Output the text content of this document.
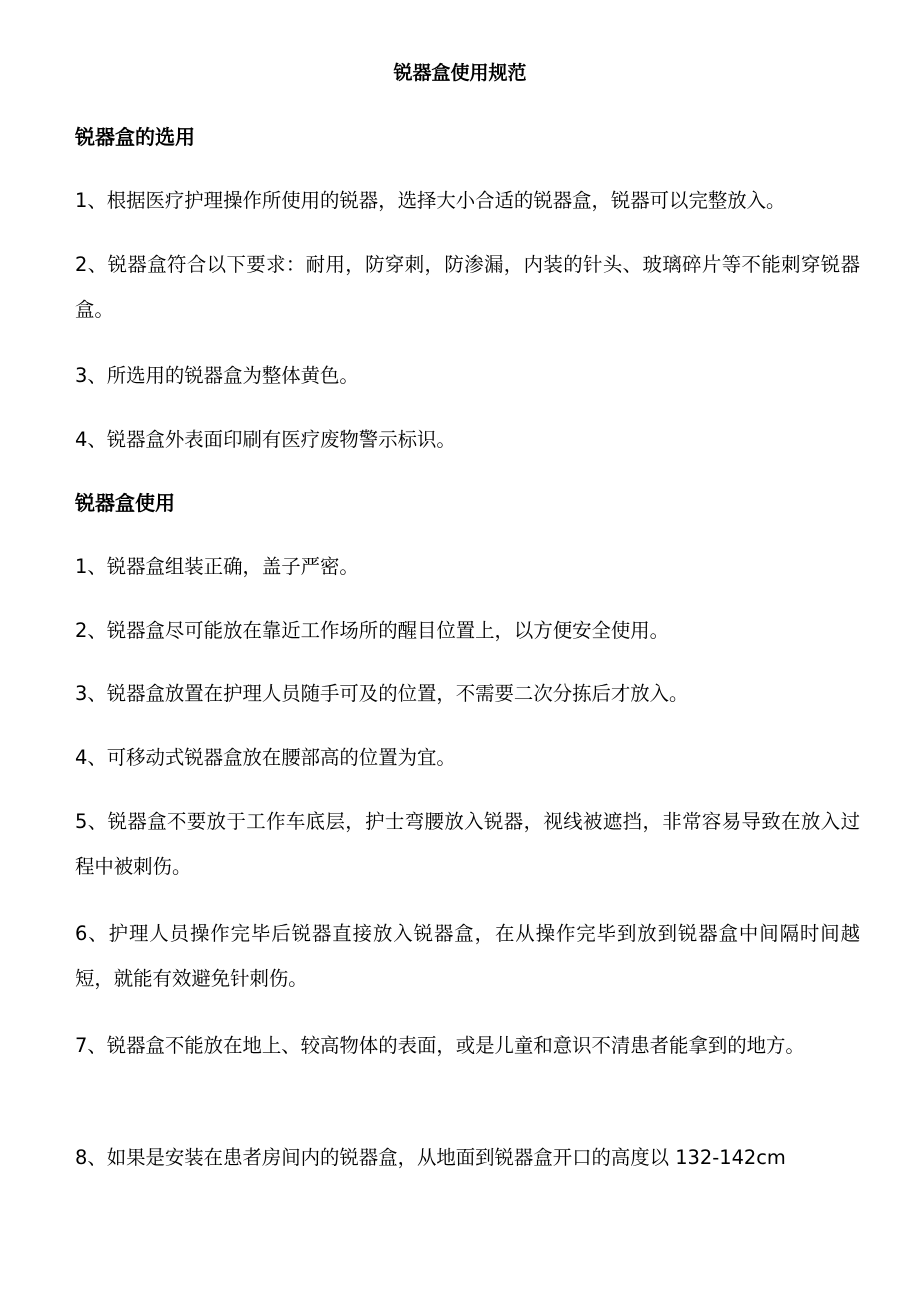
锐器盒使用规范
锐器盒的选用
1、根据医疗护理操作所使用的锐器，选择大小合适的锐器盒，锐器可以完整放入。
2、锐器盒符合以下要求：耐用，防穿刺，防渗漏，内装的针头、玻璃碎片等不能刺穿锐器盒。
3、所选用的锐器盒为整体黄色。
4、锐器盒外表面印刷有医疗废物警示标识。
锐器盒使用
1、锐器盒组装正确，盖子严密。
2、锐器盒尽可能放在靠近工作场所的醒目位置上，以方便安全使用。
3、锐器盒放置在护理人员随手可及的位置，不需要二次分拣后才放入。
4、可移动式锐器盒放在腰部高的位置为宜。
5、锐器盒不要放于工作车底层，护士弯腰放入锐器，视线被遮挡，非常容易导致在放入过程中被刺伤。
6、护理人员操作完毕后锐器直接放入锐器盒，在从操作完毕到放到锐器盒中间隔时间越短，就能有效避免针刺伤。
7、锐器盒不能放在地上、较高物体的表面，或是儿童和意识不清患者能拿到的地方。
8、如果是安装在患者房间内的锐器盒，从地面到锐器盒开口的高度以 132-142cm
